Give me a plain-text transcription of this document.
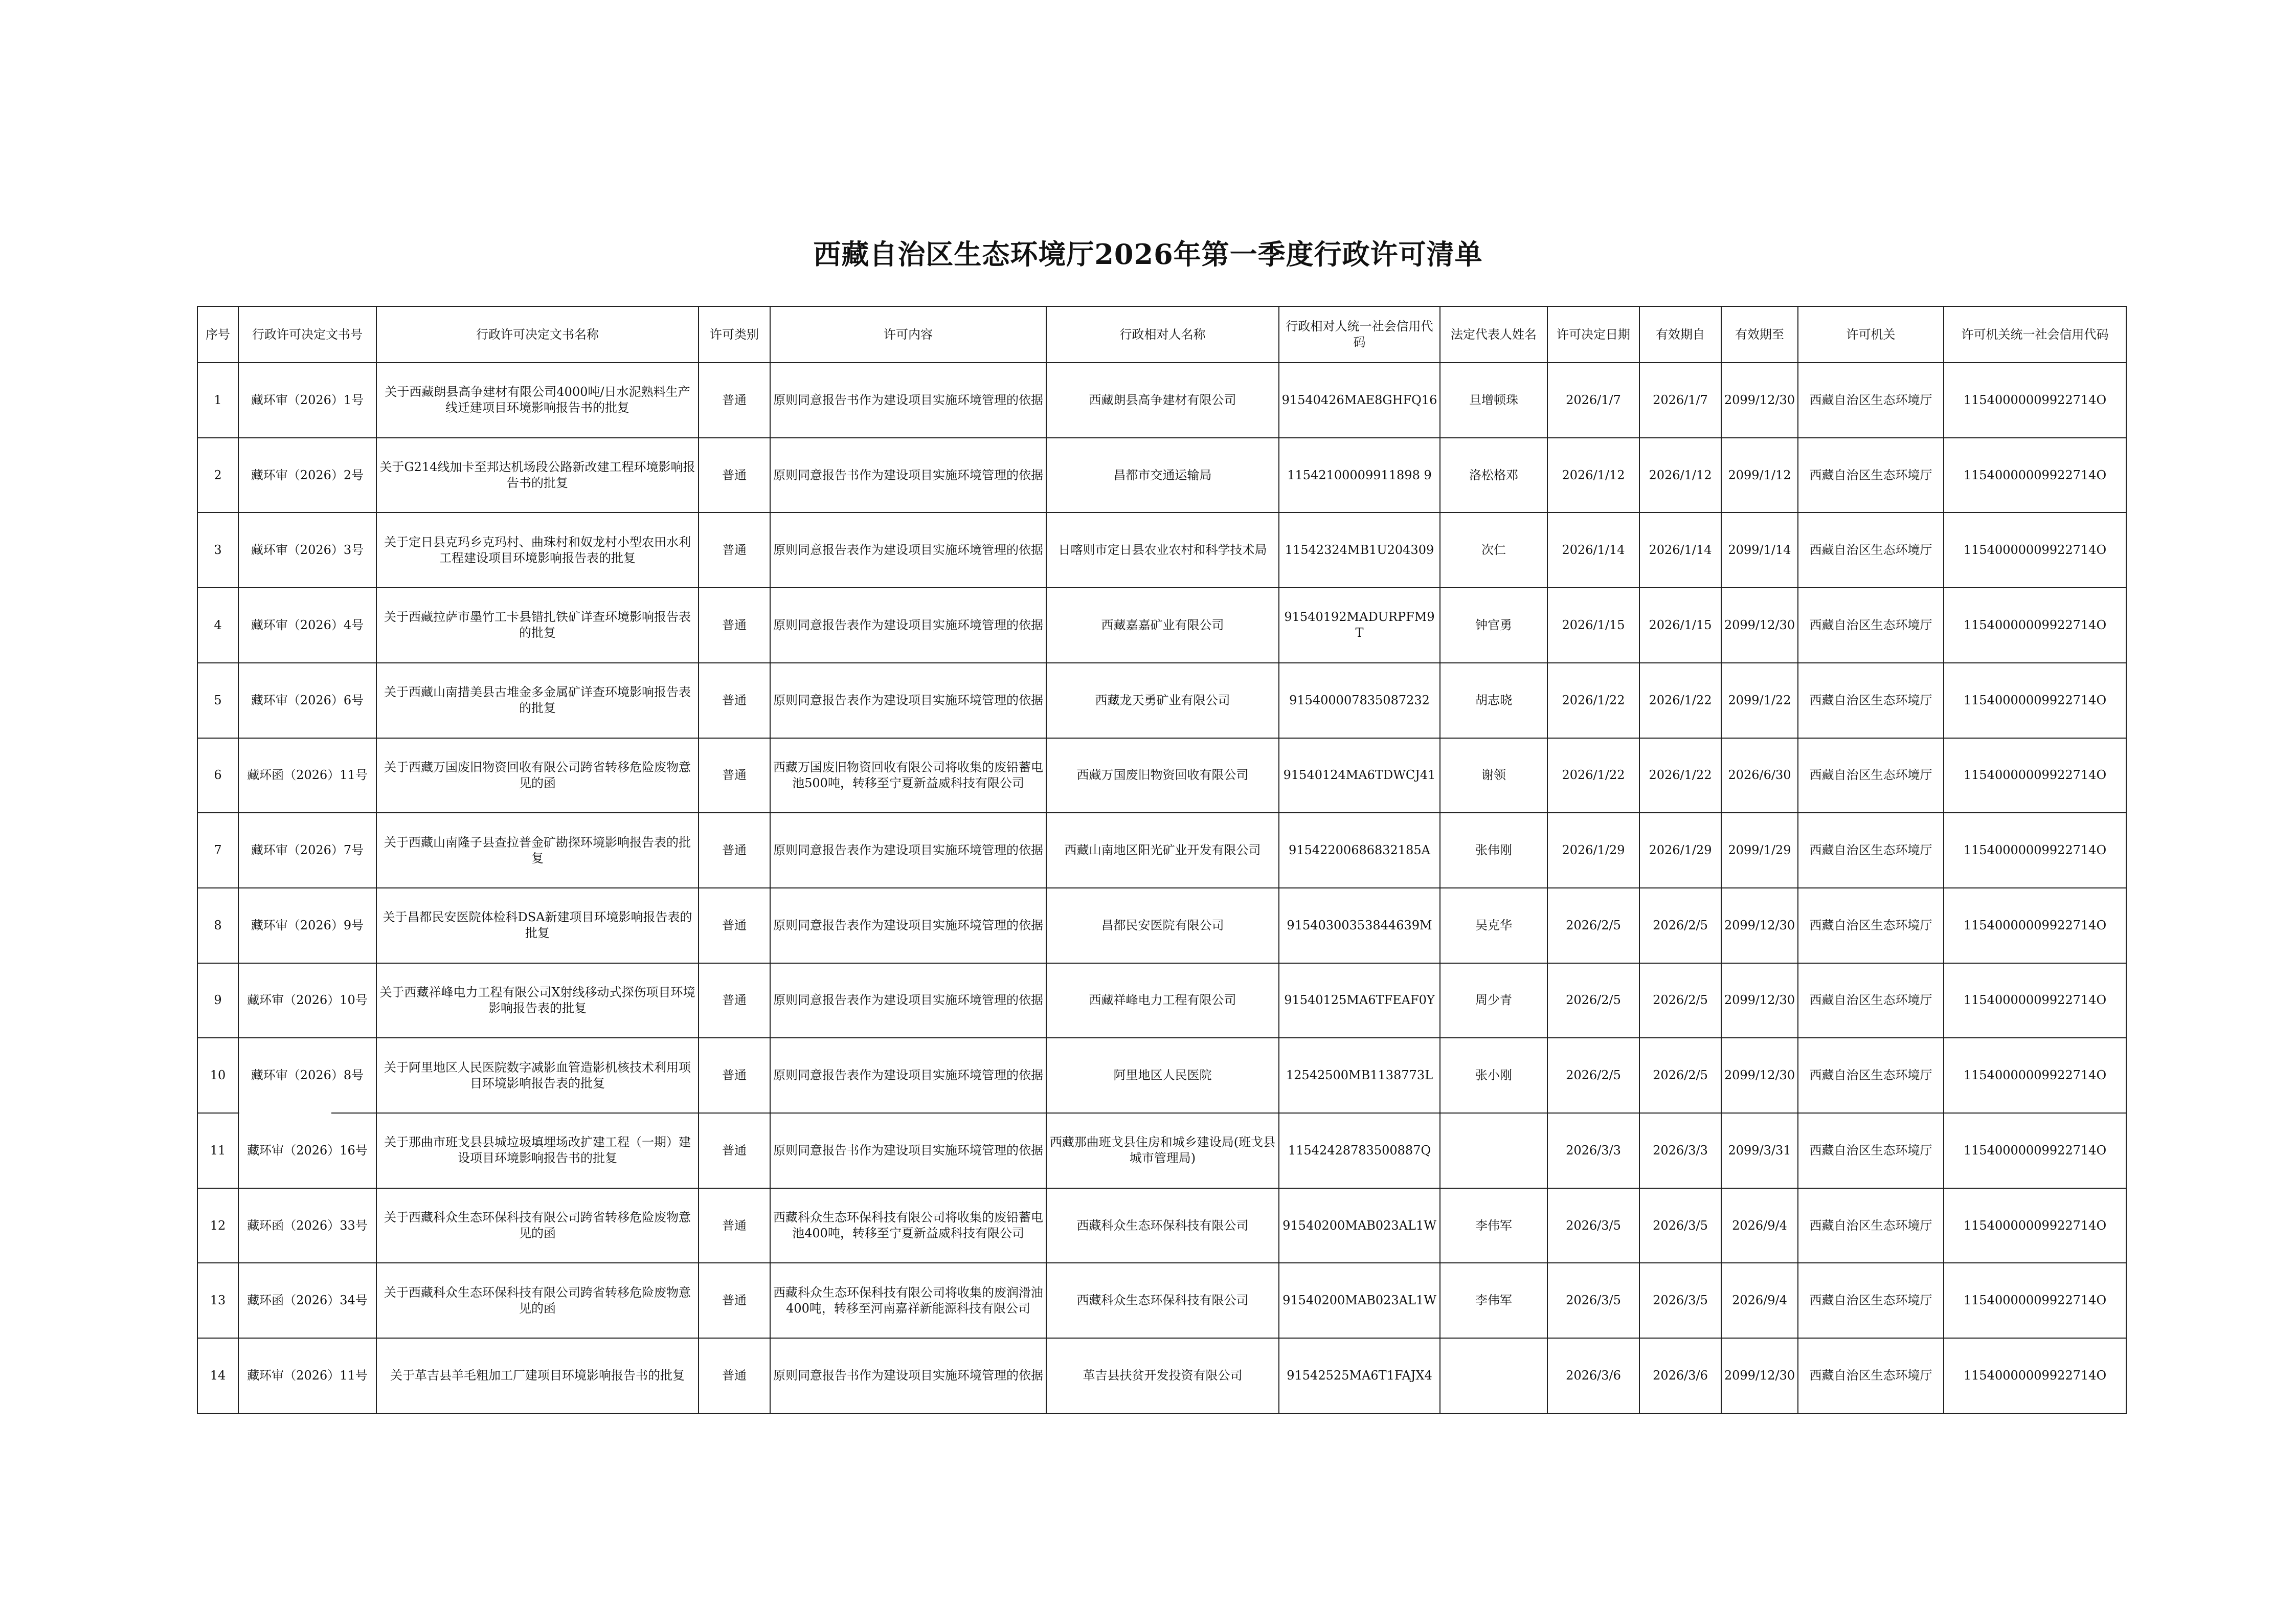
西藏自治区生态环境厅2026年第一季度行政许可清单
序号	行政许可决定文书号	行政许可决定文书名称	许可类别	许可内容	行政相对人名称	行政相对人统一社会信用代码	法定代表人姓名	许可决定日期	有效期自	有效期至	许可机关	许可机关统一社会信用代码
1	藏环审（2026）1号	关于西藏朗县高争建材有限公司4000吨/日水泥熟料生产线迁建项目环境影响报告书的批复	普通	原则同意报告书作为建设项目实施环境管理的依据	西藏朗县高争建材有限公司	91540426MAE8GHFQ16	旦增顿珠	2026/1/7	2026/1/7	2099/12/30	西藏自治区生态环境厅	11540000009922714O
2	藏环审（2026）2号	关于G214线加卡至邦达机场段公路新改建工程环境影响报告书的批复	普通	原则同意报告书作为建设项目实施环境管理的依据	昌都市交通运输局	11542100009911898 9	洛松格邓	2026/1/12	2026/1/12	2099/1/12	西藏自治区生态环境厅	11540000009922714O
3	藏环审（2026）3号	关于定日县克玛乡克玛村、曲珠村和奴龙村小型农田水利工程建设项目环境影响报告表的批复	普通	原则同意报告表作为建设项目实施环境管理的依据	日喀则市定日县农业农村和科学技术局	11542324MB1U204309	次仁	2026/1/14	2026/1/14	2099/1/14	西藏自治区生态环境厅	11540000009922714O
4	藏环审（2026）4号	关于西藏拉萨市墨竹工卡县错扎铁矿详查环境影响报告表的批复	普通	原则同意报告表作为建设项目实施环境管理的依据	西藏嘉嘉矿业有限公司	91540192MADURPFM9T	钟官勇	2026/1/15	2026/1/15	2099/12/30	西藏自治区生态环境厅	11540000009922714O
5	藏环审（2026）6号	关于西藏山南措美县古堆金多金属矿详查环境影响报告表的批复	普通	原则同意报告表作为建设项目实施环境管理的依据	西藏龙天勇矿业有限公司	915400007835087232	胡志晓	2026/1/22	2026/1/22	2099/1/22	西藏自治区生态环境厅	11540000009922714O
6	藏环函（2026）11号	关于西藏万国废旧物资回收有限公司跨省转移危险废物意见的函	普通	西藏万国废旧物资回收有限公司将收集的废铅蓄电池500吨，转移至宁夏新益威科技有限公司	西藏万国废旧物资回收有限公司	91540124MA6TDWCJ41	谢领	2026/1/22	2026/1/22	2026/6/30	西藏自治区生态环境厅	11540000009922714O
7	藏环审（2026）7号	关于西藏山南隆子县查拉普金矿勘探环境影响报告表的批复	普通	原则同意报告表作为建设项目实施环境管理的依据	西藏山南地区阳光矿业开发有限公司	91542200686832185A	张伟刚	2026/1/29	2026/1/29	2099/1/29	西藏自治区生态环境厅	11540000009922714O
8	藏环审（2026）9号	关于昌都民安医院体检科DSA新建项目环境影响报告表的批复	普通	原则同意报告表作为建设项目实施环境管理的依据	昌都民安医院有限公司	91540300353844639M	吴克华	2026/2/5	2026/2/5	2099/12/30	西藏自治区生态环境厅	11540000009922714O
9	藏环审（2026）10号	关于西藏祥峰电力工程有限公司X射线移动式探伤项目环境影响报告表的批复	普通	原则同意报告表作为建设项目实施环境管理的依据	西藏祥峰电力工程有限公司	91540125MA6TFEAF0Y	周少青	2026/2/5	2026/2/5	2099/12/30	西藏自治区生态环境厅	11540000009922714O
10	藏环审（2026）8号	关于阿里地区人民医院数字减影血管造影机核技术利用项目环境影响报告表的批复	普通	原则同意报告表作为建设项目实施环境管理的依据	阿里地区人民医院	12542500MB1138773L	张小刚	2026/2/5	2026/2/5	2099/12/30	西藏自治区生态环境厅	11540000009922714O
11	藏环审（2026）16号	关于那曲市班戈县县城垃圾填埋场改扩建工程（一期）建设项目环境影响报告书的批复	普通	原则同意报告书作为建设项目实施环境管理的依据	西藏那曲班戈县住房和城乡建设局(班戈县城市管理局)	11542428783500887Q		2026/3/3	2026/3/3	2099/3/31	西藏自治区生态环境厅	11540000009922714O
12	藏环函（2026）33号	关于西藏科众生态环保科技有限公司跨省转移危险废物意见的函	普通	西藏科众生态环保科技有限公司将收集的废铅蓄电池400吨，转移至宁夏新益威科技有限公司	西藏科众生态环保科技有限公司	91540200MAB023AL1W	李伟军	2026/3/5	2026/3/5	2026/9/4	西藏自治区生态环境厅	11540000009922714O
13	藏环函（2026）34号	关于西藏科众生态环保科技有限公司跨省转移危险废物意见的函	普通	西藏科众生态环保科技有限公司将收集的废润滑油400吨，转移至河南嘉祥新能源科技有限公司	西藏科众生态环保科技有限公司	91540200MAB023AL1W	李伟军	2026/3/5	2026/3/5	2026/9/4	西藏自治区生态环境厅	11540000009922714O
14	藏环审（2026）11号	关于革吉县羊毛粗加工厂建项目环境影响报告书的批复	普通	原则同意报告书作为建设项目实施环境管理的依据	革吉县扶贫开发投资有限公司	91542525MA6T1FAJX4		2026/3/6	2026/3/6	2099/12/30	西藏自治区生态环境厅	11540000009922714O
